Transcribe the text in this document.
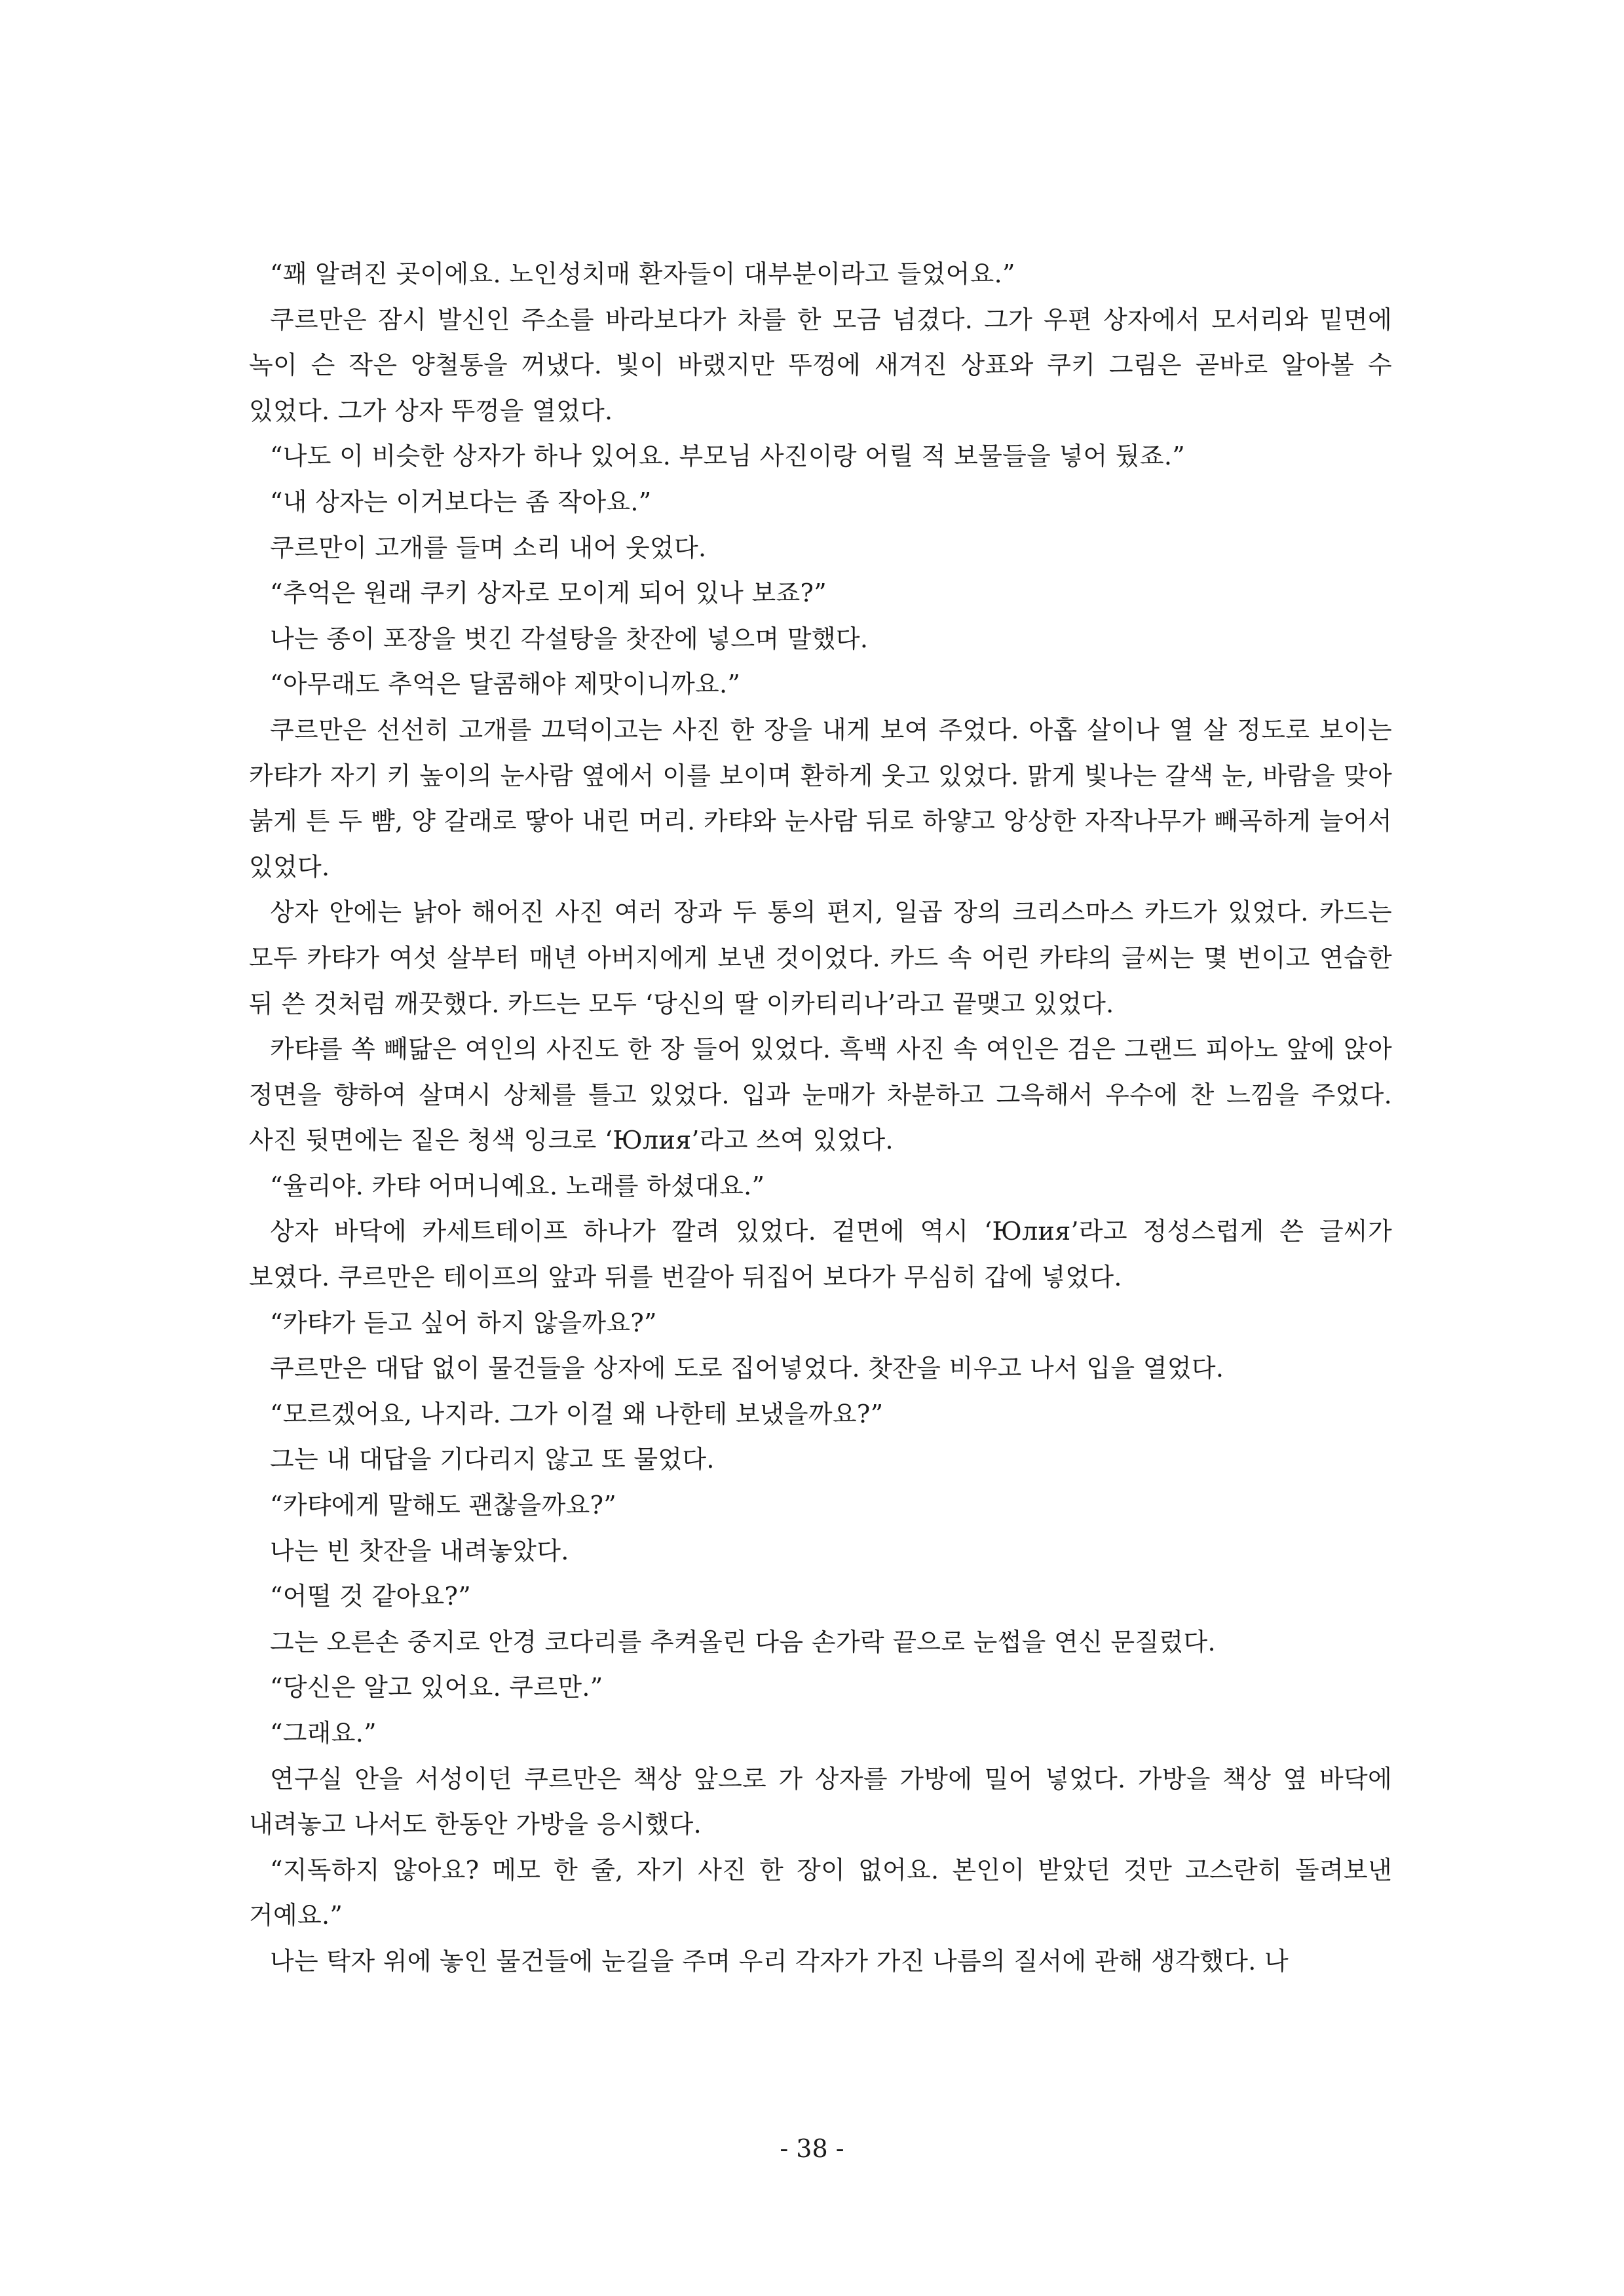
“꽤 알려진 곳이에요. 노인성치매 환자들이 대부분이라고 들었어요.”

쿠르만은 잠시 발신인 주소를 바라보다가 차를 한 모금 넘겼다. 그가 우편 상자에서 모서리와 밑면에 녹이 슨 작은 양철통을 꺼냈다. 빛이 바랬지만 뚜껑에 새겨진 상표와 쿠키 그림은 곧바로 알아볼 수 있었다. 그가 상자 뚜껑을 열었다.

“나도 이 비슷한 상자가 하나 있어요. 부모님 사진이랑 어릴 적 보물들을 넣어 뒀죠.”

“내 상자는 이거보다는 좀 작아요.”

쿠르만이 고개를 들며 소리 내어 웃었다.

“추억은 원래 쿠키 상자로 모이게 되어 있나 보죠?”

나는 종이 포장을 벗긴 각설탕을 찻잔에 넣으며 말했다.

“아무래도 추억은 달콤해야 제맛이니까요.”

쿠르만은 선선히 고개를 끄덕이고는 사진 한 장을 내게 보여 주었다. 아홉 살이나 열 살 정도로 보이는 카탸가 자기 키 높이의 눈사람 옆에서 이를 보이며 환하게 웃고 있었다. 맑게 빛나는 갈색 눈, 바람을 맞아 붉게 튼 두 뺨, 양 갈래로 땋아 내린 머리. 카탸와 눈사람 뒤로 하얗고 앙상한 자작나무가 빼곡하게 늘어서 있었다.

상자 안에는 낡아 해어진 사진 여러 장과 두 통의 편지, 일곱 장의 크리스마스 카드가 있었다. 카드는 모두 카탸가 여섯 살부터 매년 아버지에게 보낸 것이었다. 카드 속 어린 카탸의 글씨는 몇 번이고 연습한 뒤 쓴 것처럼 깨끗했다. 카드는 모두 ‘당신의 딸 이카티리나’라고 끝맺고 있었다.

카탸를 쏙 빼닮은 여인의 사진도 한 장 들어 있었다. 흑백 사진 속 여인은 검은 그랜드 피아노 앞에 앉아 정면을 향하여 살며시 상체를 틀고 있었다. 입과 눈매가 차분하고 그윽해서 우수에 찬 느낌을 주었다. 사진 뒷면에는 짙은 청색 잉크로 ‘Юлия’라고 쓰여 있었다.

“율리야. 카탸 어머니예요. 노래를 하셨대요.”

상자 바닥에 카세트테이프 하나가 깔려 있었다. 겉면에 역시 ‘Юлия’라고 정성스럽게 쓴 글씨가 보였다. 쿠르만은 테이프의 앞과 뒤를 번갈아 뒤집어 보다가 무심히 갑에 넣었다.

“카탸가 듣고 싶어 하지 않을까요?”

쿠르만은 대답 없이 물건들을 상자에 도로 집어넣었다. 찻잔을 비우고 나서 입을 열었다.

“모르겠어요, 나지라. 그가 이걸 왜 나한테 보냈을까요?”

그는 내 대답을 기다리지 않고 또 물었다.

“카탸에게 말해도 괜찮을까요?”

나는 빈 찻잔을 내려놓았다.

“어떨 것 같아요?”

그는 오른손 중지로 안경 코다리를 추켜올린 다음 손가락 끝으로 눈썹을 연신 문질렀다.

“당신은 알고 있어요. 쿠르만.”

“그래요.”

연구실 안을 서성이던 쿠르만은 책상 앞으로 가 상자를 가방에 밀어 넣었다. 가방을 책상 옆 바닥에 내려놓고 나서도 한동안 가방을 응시했다.

“지독하지 않아요? 메모 한 줄, 자기 사진 한 장이 없어요. 본인이 받았던 것만 고스란히 돌려보낸 거예요.”

나는 탁자 위에 놓인 물건들에 눈길을 주며 우리 각자가 가진 나름의 질서에 관해 생각했다. 나

- 38 -
